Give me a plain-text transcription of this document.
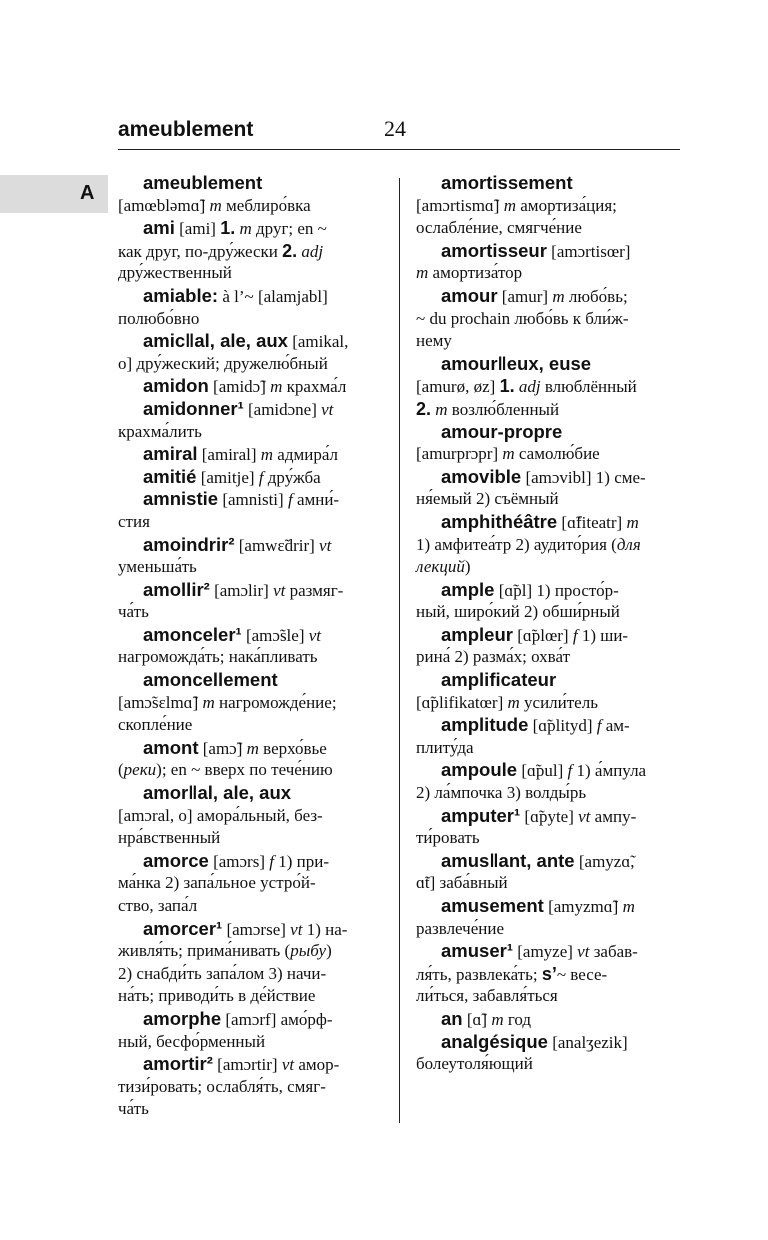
ameublement	24
A	ameublement
[amœbləmɑ̃] m меблиро́вка
ami [ami] 1. m друг; en ~
как друг, по-дру́жески 2. adj
дру́жественный
amiable: à l’~ [alamjabl]
полюбо́вно
amic‖al, ale, aux [amikal,
o] дру́жеский; дружелю́бный
amidon [amidɔ̃] m крахма́л
amidonner¹ [amidɔne] vt
крахма́лить
amiral [amiral] m адмира́л
amitié [amitje] f дру́жба
amnistie [amnisti] f амни́-
стия
amoindrir² [amwɛ̃drir] vt
уменьша́ть
amollir² [amɔlir] vt размяг-
ча́ть
amonceler¹ [amɔ̃sle] vt
нагроможда́ть; нака́пливать
amoncellement
[amɔ̃sɛlmɑ̃] m нагроможде́ние;
скопле́ние
amont [amɔ̃] m верхо́вье
(реки); en ~ вверх по тече́нию
amor‖al, ale, aux
[amɔral, o] амора́льный, без-
нра́вственный
amorce [amɔrs] f 1) при-
ма́нка 2) запа́льное устро́й-
ство, запа́л
amorcer¹ [amɔrse] vt 1) на-
живля́ть; прима́нивать (рыбу)
2) снабди́ть запа́лом 3) начи-
на́ть; приводи́ть в де́йствие
amorphe [amɔrf] амо́рф-
ный, бесфо́рменный
amortir² [amɔrtir] vt амор-
тизи́ровать; ослабля́ть, смяг-
ча́ть
amortissement
[amɔrtismɑ̃] m амортиза́ция;
ослабле́ние, смягче́ние
amortisseur [amɔrtisœr]
m амортиза́тор
amour [amur] m любо́вь;
~ du prochain любо́вь к бли́ж-
нему
amour‖eux, euse
[amurø, øz] 1. adj влюблённый
2. m возлю́бленный
amour-propre
[amurprɔpr] m самолю́бие
amovible [amɔvibl] 1) сме-
ня́емый 2) съёмный
amphithéâtre [ɑ̃fiteatr] m
1) амфитеа́тр 2) аудито́рия (для
лекций)
ample [ɑ̃pl] 1) просто́р-
ный, широ́кий 2) обши́рный
ampleur [ɑ̃plœr] f 1) ши-
рина́ 2) разма́х; охва́т
amplificateur
[ɑ̃plifikatœr] m усили́тель
amplitude [ɑ̃plityd] f ам-
плиту́да
ampoule [ɑ̃pul] f 1) а́мпула
2) ла́мпочка 3) волды́рь
amputer¹ [ɑ̃pyte] vt ампу-
ти́ровать
amus‖ant, ante [amyzɑ̃,
ɑ̃t] заба́вный
amusement [amyzmɑ̃] m
развлече́ние
amuser¹ [amyze] vt забав-
ля́ть, развлека́ть; s’~ весе-
ли́ться, забавля́ться
an [ɑ̃] m год
analgésique [analʒezik]
болеутоля́ющий
